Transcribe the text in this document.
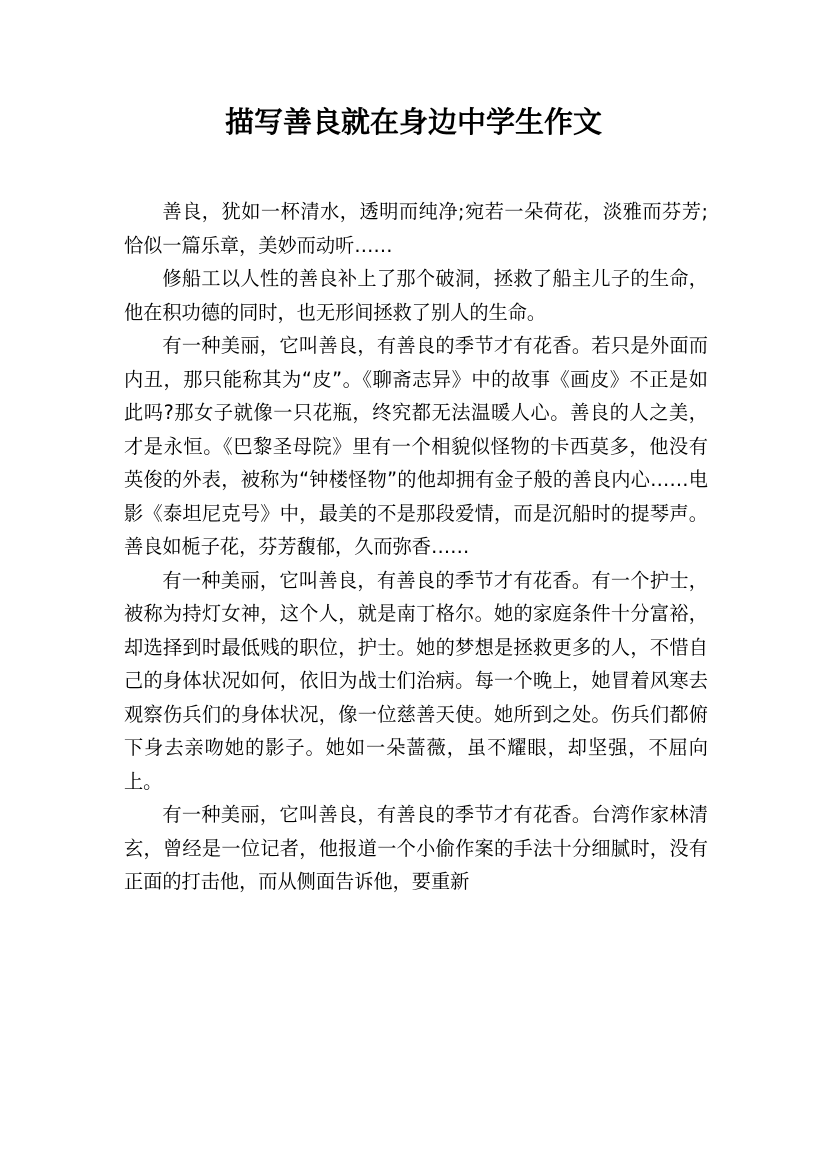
描写善良就在身边中学生作文

善良，犹如一杯清水，透明而纯净;宛若一朵荷花，淡雅而芬芳;恰似一篇乐章，美妙而动听……

修船工以人性的善良补上了那个破洞，拯救了船主儿子的生命，他在积功德的同时，也无形间拯救了别人的生命。

有一种美丽，它叫善良，有善良的季节才有花香。若只是外面而内丑，那只能称其为“皮”。《聊斋志异》中的故事《画皮》不正是如此吗?那女子就像一只花瓶，终究都无法温暖人心。善良的人之美，才是永恒。《巴黎圣母院》里有一个相貌似怪物的卡西莫多，他没有英俊的外表，被称为“钟楼怪物”的他却拥有金子般的善良内心……电影《泰坦尼克号》中，最美的不是那段爱情，而是沉船时的提琴声。善良如栀子花，芬芳馥郁，久而弥香……

有一种美丽，它叫善良，有善良的季节才有花香。有一个护士，被称为持灯女神，这个人，就是南丁格尔。她的家庭条件十分富裕，却选择到时最低贱的职位，护士。她的梦想是拯救更多的人，不惜自己的身体状况如何，依旧为战士们治病。每一个晚上，她冒着风寒去观察伤兵们的身体状况，像一位慈善天使。她所到之处。伤兵们都俯下身去亲吻她的影子。她如一朵蔷薇，虽不耀眼，却坚强，不屈向上。

有一种美丽，它叫善良，有善良的季节才有花香。台湾作家林清玄，曾经是一位记者，他报道一个小偷作案的手法十分细腻时，没有正面的打击他，而从侧面告诉他，要重新
